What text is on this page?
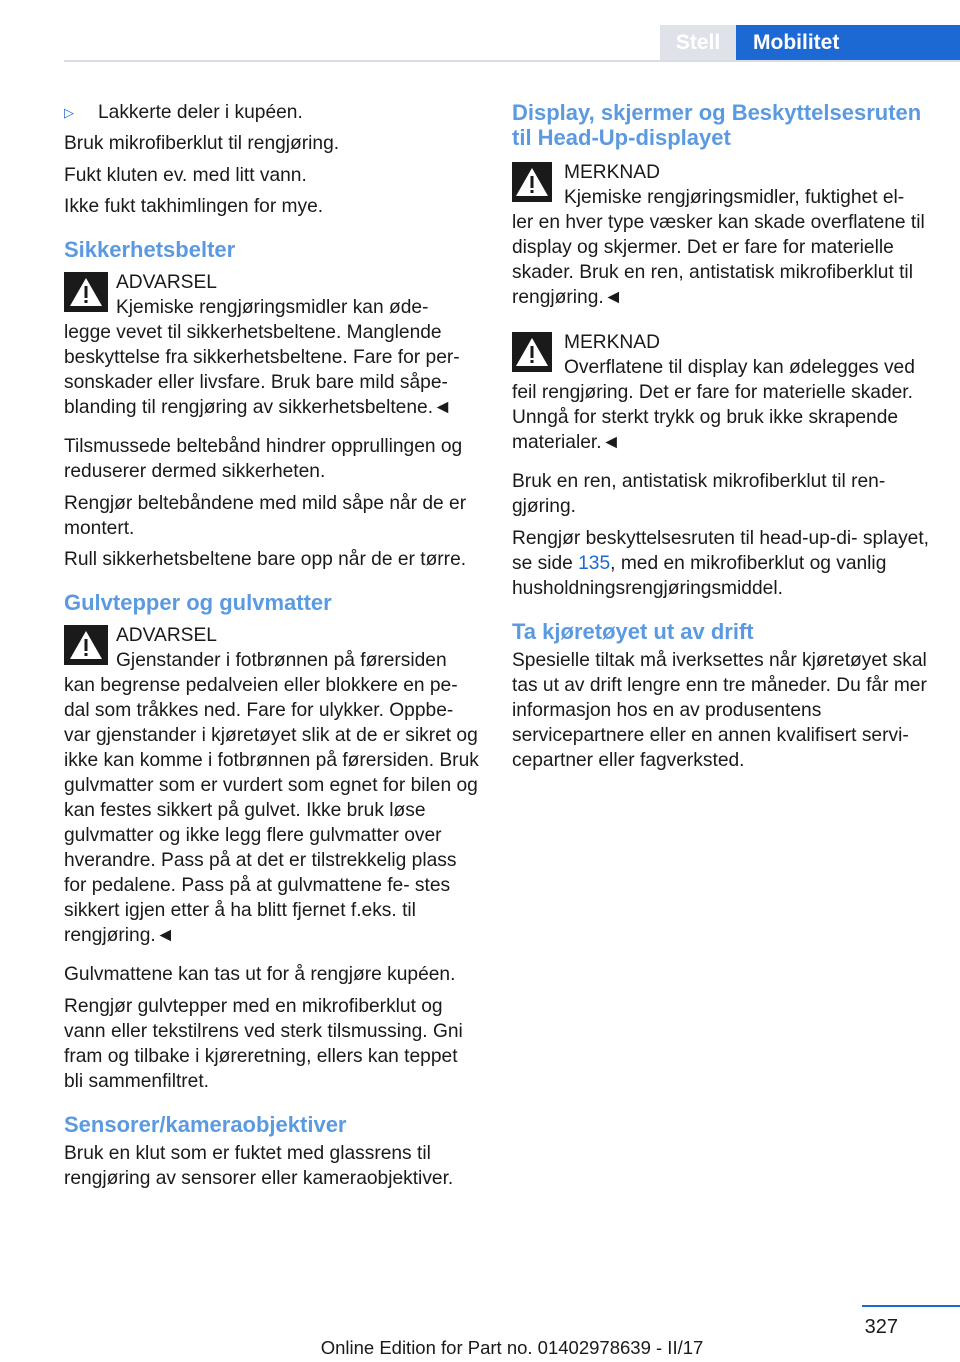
Stell	Mobilitet
▷	Lakkerte deler i kupéen.

Bruk mikrofiberklut til rengjøring.

Fukt kluten ev. med litt vann.

Ikke fukt takhimlingen for mye.

Sikkerhetsbelter
ADVARSEL
Kjemiske rengjøringsmidler kan øde-
legge vevet til sikkerhetsbeltene. Manglende beskyttelse fra sikkerhetsbeltene. Fare for per- sonskader eller livsfare. Bruk bare mild såpe- blanding til rengjøring av sikkerhetsbeltene.◄

Tilsmussede beltebånd hindrer opprullingen og reduserer dermed sikkerheten.

Rengjør beltebåndene med mild såpe når de er montert.

Rull sikkerhetsbeltene bare opp når de er tørre.

Gulvtepper og gulvmatter
ADVARSEL
Gjenstander i fotbrønnen på førersiden
kan begrense pedalveien eller blokkere en pe- dal som tråkkes ned. Fare for ulykker. Oppbe- var gjenstander i kjøretøyet slik at de er sikret og ikke kan komme i fotbrønnen på førersiden. Bruk gulvmatter som er vurdert som egnet for bilen og kan festes sikkert på gulvet. Ikke bruk løse gulvmatter og ikke legg flere gulvmatter over hverandre. Pass på at det er tilstrekkelig plass for pedalene. Pass på at gulvmattene fe- stes sikkert igjen etter å ha blitt fjernet f.eks. til rengjøring.◄

Gulvmattene kan tas ut for å rengjøre kupéen.

Rengjør gulvtepper med en mikrofiberklut og vann eller tekstilrens ved sterk tilsmussing. Gni fram og tilbake i kjøreretning, ellers kan teppet bli sammenfiltret.

Sensorer/kameraobjektiver

Bruk en klut som er fuktet med glassrens til rengjøring av sensorer eller kameraobjektiver.

Display, skjermer og Beskyttelsesruten til Head-Up-displayet
MERKNAD
Kjemiske rengjøringsmidler, fuktighet el-
ler en hver type væsker kan skade overflatene til display og skjermer. Det er fare for materielle skader. Bruk en ren, antistatisk mikrofiberklut til rengjøring.◄
MERKNAD
Overflatene til display kan ødelegges ved
feil rengjøring. Det er fare for materielle skader. Unngå for sterkt trykk og bruk ikke skrapende materialer.◄

Bruk en ren, antistatisk mikrofiberklut til ren- gjøring.

Rengjør beskyttelsesruten til head-up-di- splayet, se side 135, med en mikrofiberklut og vanlig husholdningsrengjøringsmiddel.

Ta kjøretøyet ut av drift

Spesielle tiltak må iverksettes når kjøretøyet skal tas ut av drift lengre enn tre måneder. Du får mer informasjon hos en av produsentens servicepartnere eller en annen kvalifisert servi- cepartner eller fagverksted.

327
Online Edition for Part no. 01402978639 - II/17
